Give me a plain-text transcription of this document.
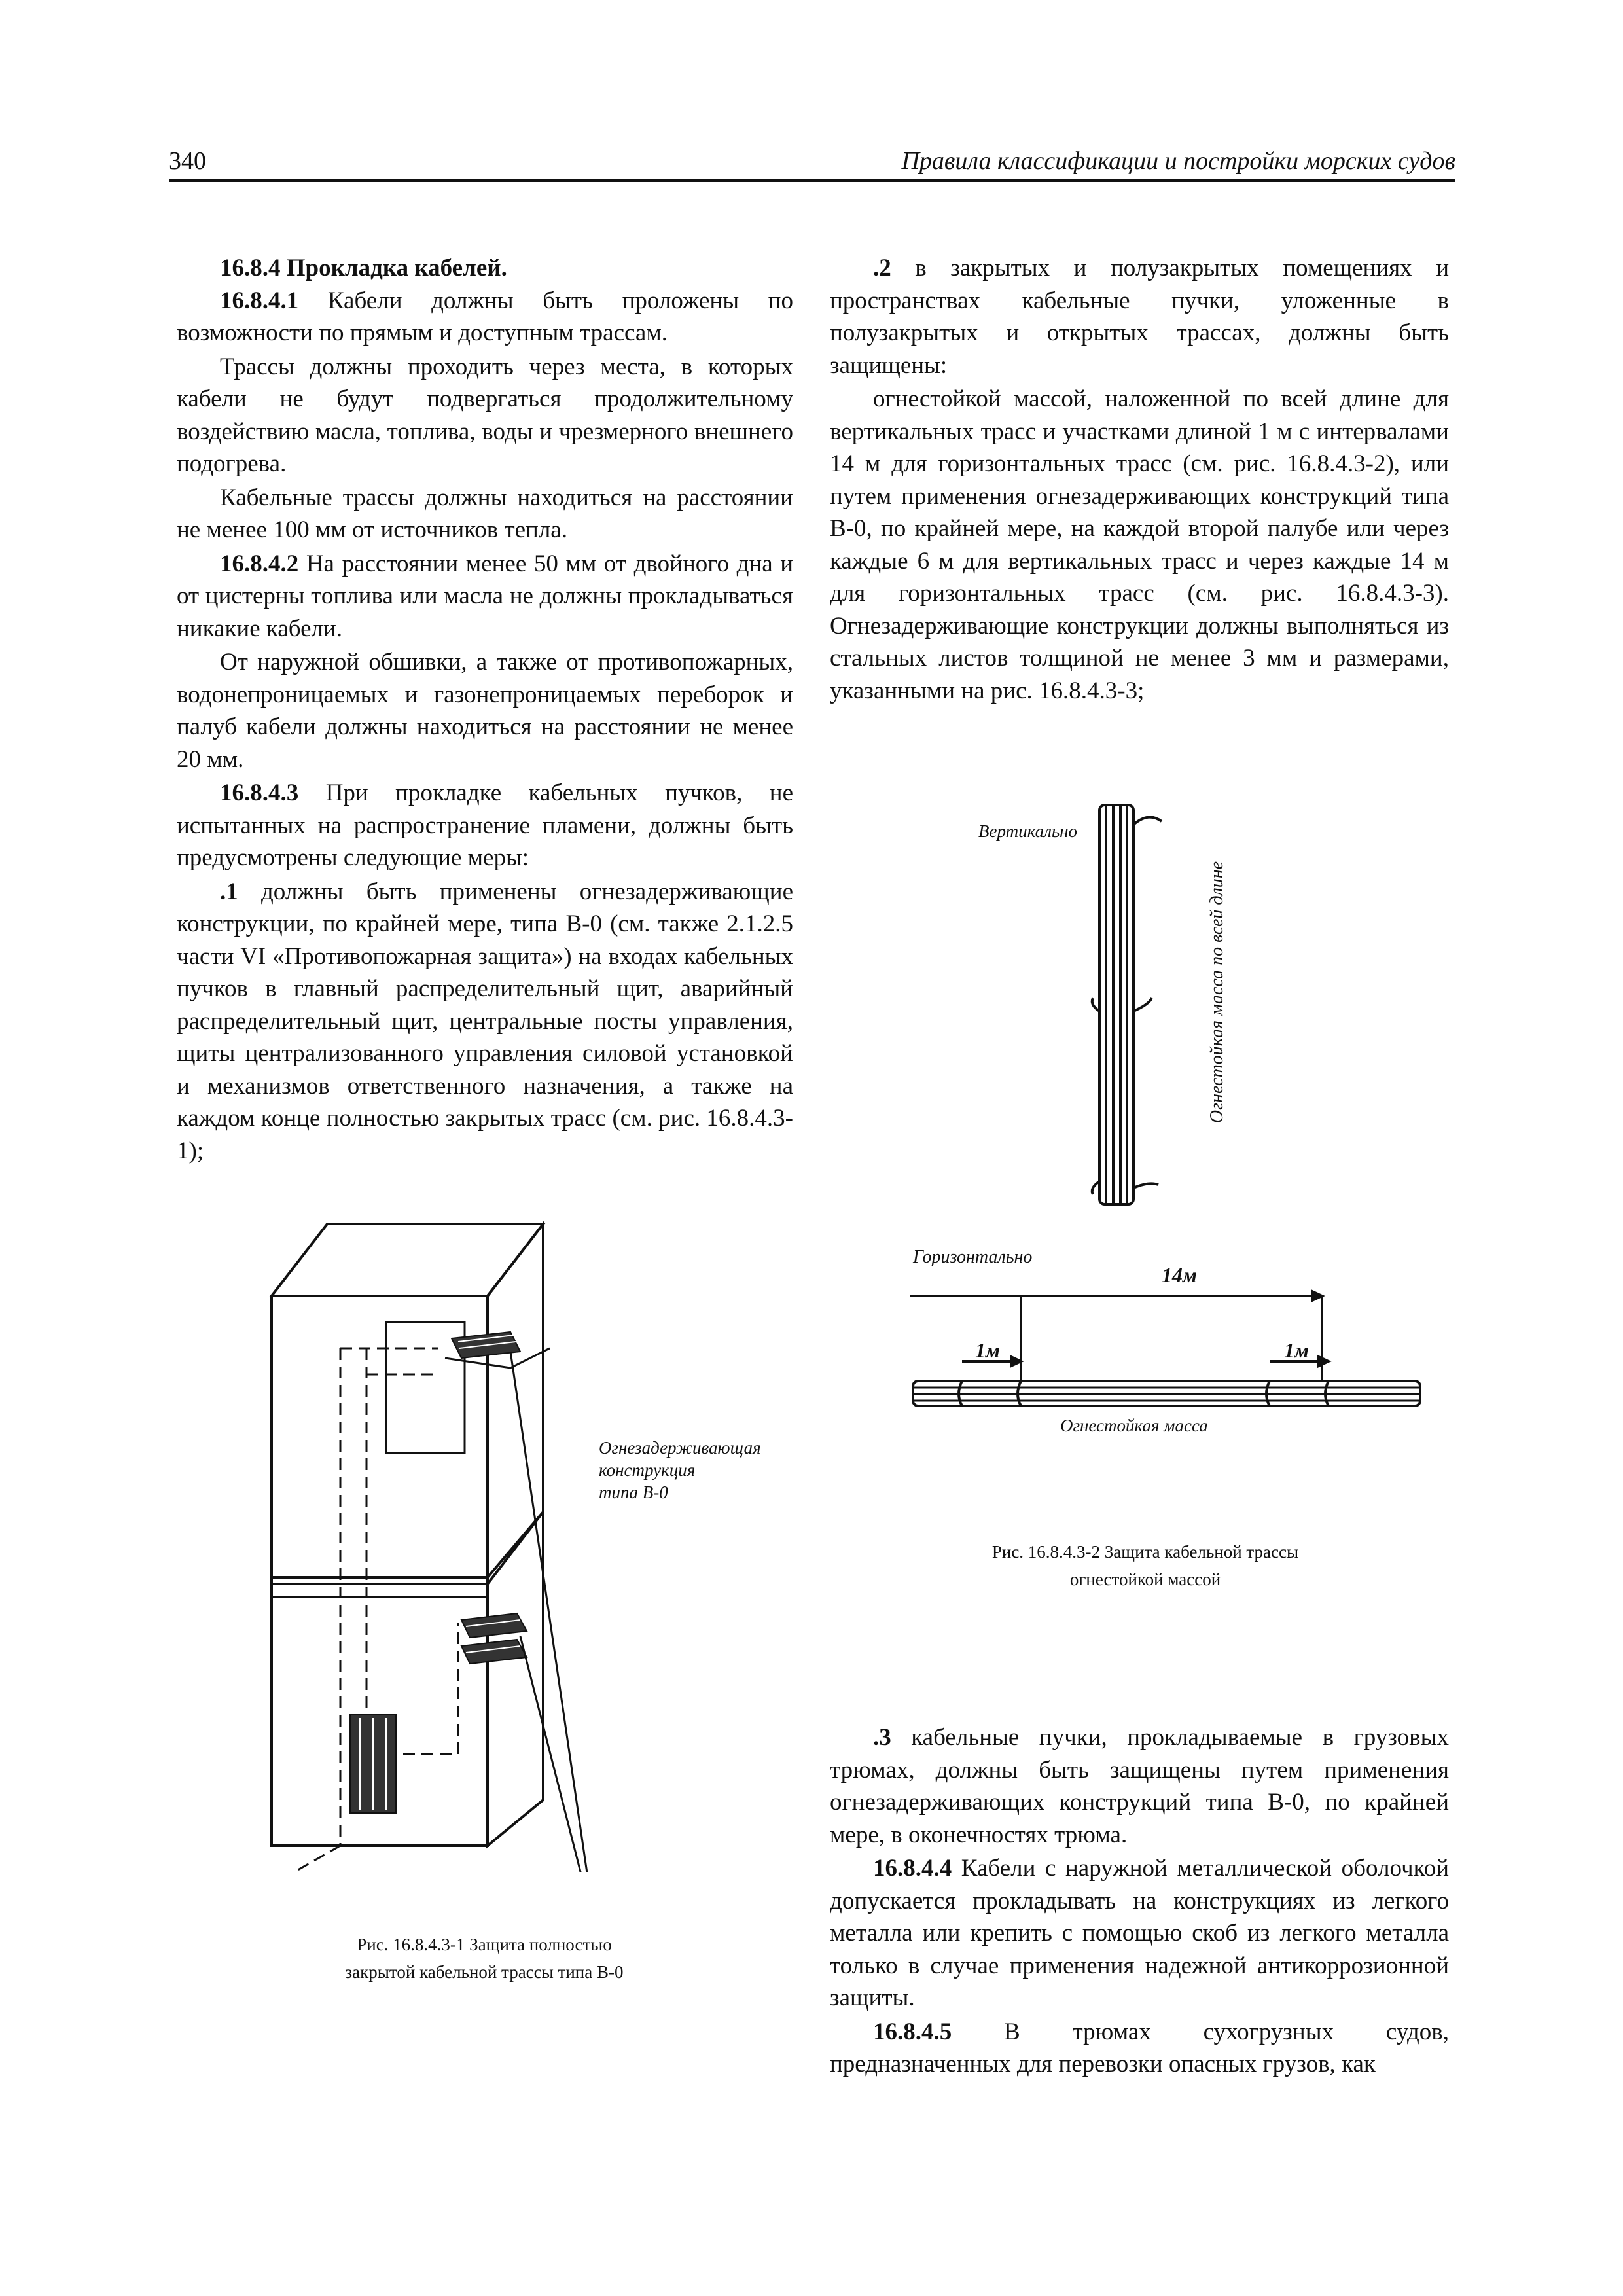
340	Правила классификации и постройки морских судов
16.8.4 Прокладка кабелей.

16.8.4.1 Кабели должны быть проложены по возможности по прямым и доступным трассам.

Трассы должны проходить через места, в которых кабели не будут подвергаться продолжительному воздействию масла, топлива, воды и чрезмерного внешнего подогрева.

Кабельные трассы должны находиться на расстоянии не менее 100 мм от источников тепла.

16.8.4.2 На расстоянии менее 50 мм от двойного дна и от цистерны топлива или масла не должны прокладываться никакие кабели.

От наружной обшивки, а также от противопожарных, водонепроницаемых и газонепроницаемых переборок и палуб кабели должны находиться на расстоянии не менее 20 мм.

16.8.4.3 При прокладке кабельных пучков, не испытанных на распространение пламени, должны быть предусмотрены следующие меры:

.1 должны быть применены огнезадерживающие конструкции, по крайней мере, типа В-0 (см. также 2.1.2.5 части VI «Противопожарная защита») на входах кабельных пучков в главный распределительный щит, аварийный распределительный щит, центральные посты управления, щиты централизованного управления силовой установкой и механизмов ответственного назначения, а также на каждом конце полностью закрытых трасс (см. рис. 16.8.4.3-1);

.2 в закрытых и полузакрытых помещениях и пространствах кабельные пучки, уложенные в полузакрытых и открытых трассах, должны быть защищены:

огнестойкой массой, наложенной по всей длине для вертикальных трасс и участками длиной 1 м с интервалами 14 м для горизонтальных трасс (см. рис. 16.8.4.3-2), или путем применения огнезадерживающих конструкций типа В-0, по крайней мере, на каждой второй палубе или через каждые 6 м для вертикальных трасс и через каждые 14 м для горизонтальных трасс (см. рис. 16.8.4.3-3). Огнезадерживающие конструкции должны выполняться из стальных листов толщиной не менее 3 мм и размерами, указанными на рис. 16.8.4.3-3;

Огнезадерживающая
конструкция
типа В-0
Рис. 16.8.4.3-1 Защита полностью
закрытой кабельной трассы типа В-0
Вертикально
Огнестойкая масса по всей длине
Горизонтально
14м
1м	1м
Огнестойкая масса
Рис. 16.8.4.3-2 Защита кабельной трассы
огнестойкой массой

.3 кабельные пучки, прокладываемые в грузовых трюмах, должны быть защищены путем применения огнезадерживающих конструкций типа В-0, по крайней мере, в оконечностях трюма.

16.8.4.4 Кабели с наружной металлической оболочкой допускается прокладывать на конструкциях из легкого металла или крепить с помощью скоб из легкого металла только в случае применения надежной антикоррозионной защиты.

16.8.4.5 В трюмах сухогрузных судов, предназначенных для перевозки опасных грузов, как
